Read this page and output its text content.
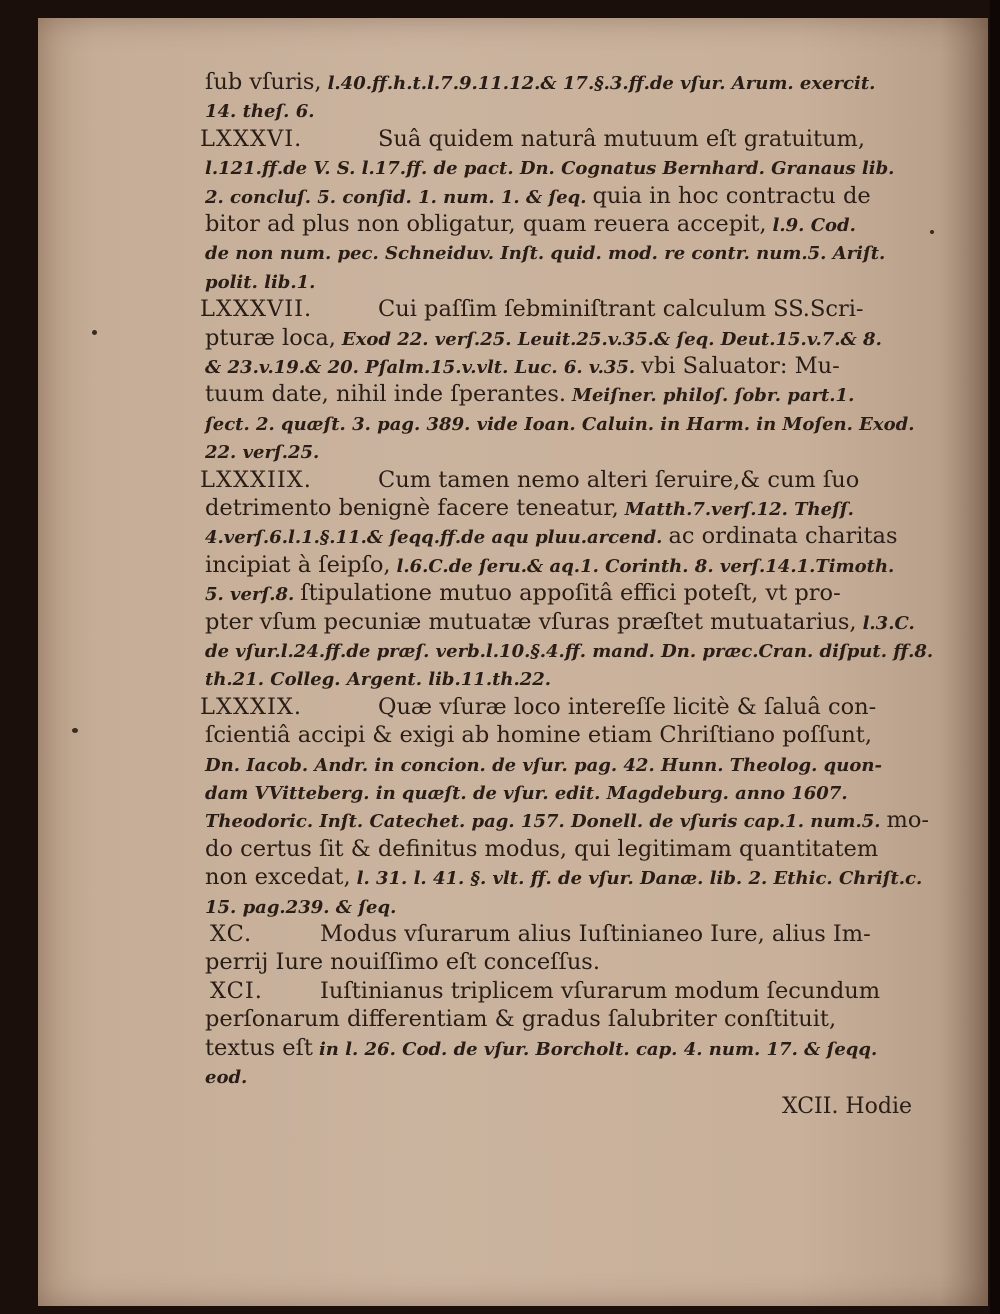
ſub vſuris, l.40.ff.h.t.l.7.9.11.12.& 17.§.3.ff.de vſur. Arum. exercit.
14. theſ. 6.
LXXXVI.	Suâ quidem naturâ mutuum eſt gratuitum,
l.121.ff.de V. S. l.17.ff. de pact. Dn. Cognatus Bernhard. Granaus lib.
2. concluſ. 5. conſid. 1. num. 1. & ſeq. quia in hoc contractu de
bitor ad plus non obligatur, quam reuera accepit, l.9. Cod.
de non num. pec. Schneiduv. Inſt. quid. mod. re contr. num.5. Ariſt.
polit. lib.1.
LXXXVII.	Cui paſſim ſebminiſtrant calculum SS.Scri-
pturæ loca, Exod 22. verſ.25. Leuit.25.v.35.& ſeq. Deut.15.v.7.& 8.
& 23.v.19.& 20. Pſalm.15.v.vlt. Luc. 6. v.35. vbi Saluator: Mu-
tuum date, nihil inde ſperantes. Meiſner. philoſ. ſobr. part.1.
ſect. 2. quæſt. 3. pag. 389. vide Ioan. Caluin. in Harm. in Moſen. Exod.
22. verſ.25.
LXXXIIX.	Cum tamen nemo alteri ſeruire,& cum ſuo
detrimento benignè facere teneatur, Matth.7.verſ.12. Theſſ.
4.verſ.6.l.1.§.11.& ſeqq.ff.de aqu pluu.arcend. ac ordinata charitas
incipiat à ſeipſo, l.6.C.de ſeru.& aq.1. Corinth. 8. verſ.14.1.Timoth.
5. verſ.8. ſtipulatione mutuo appoſitâ effici poteſt, vt pro-
pter vſum pecuniæ mutuatæ vſuras præſtet mutuatarius, l.3.C.
de vſur.l.24.ff.de præſ. verb.l.10.§.4.ff. mand. Dn. præc.Cran. diſput. ff.8.
th.21. Colleg. Argent. lib.11.th.22.
LXXXIX.	Quæ vſuræ loco intereſſe licitè & ſaluâ con-
ſcientiâ accipi & exigi ab homine etiam Chriſtiano poſſunt,
Dn. Iacob. Andr. in concion. de vſur. pag. 42. Hunn. Theolog. quon-
dam VVitteberg. in quæſt. de vſur. edit. Magdeburg. anno 1607.
Theodoric. Inſt. Catechet. pag. 157. Donell. de vſuris cap.1. num.5. mo-
do certus ſit & definitus modus, qui legitimam quantitatem
non excedat, l. 31. l. 41. §. vlt. ff. de vſur. Danæ. lib. 2. Ethic. Chriſt.c.
15. pag.239. & ſeq.
XC.	Modus vſurarum alius Iuſtinianeo Iure, alius Im-
perrij Iure nouiſſimo eſt conceſſus.
XCI.	Iuſtinianus triplicem vſurarum modum ſecundum
perſonarum differentiam & gradus ſalubriter conſtituit,
textus eſt in l. 26. Cod. de vſur. Borcholt. cap. 4. num. 17. & ſeqq.
eod.
XCII. Hodie
